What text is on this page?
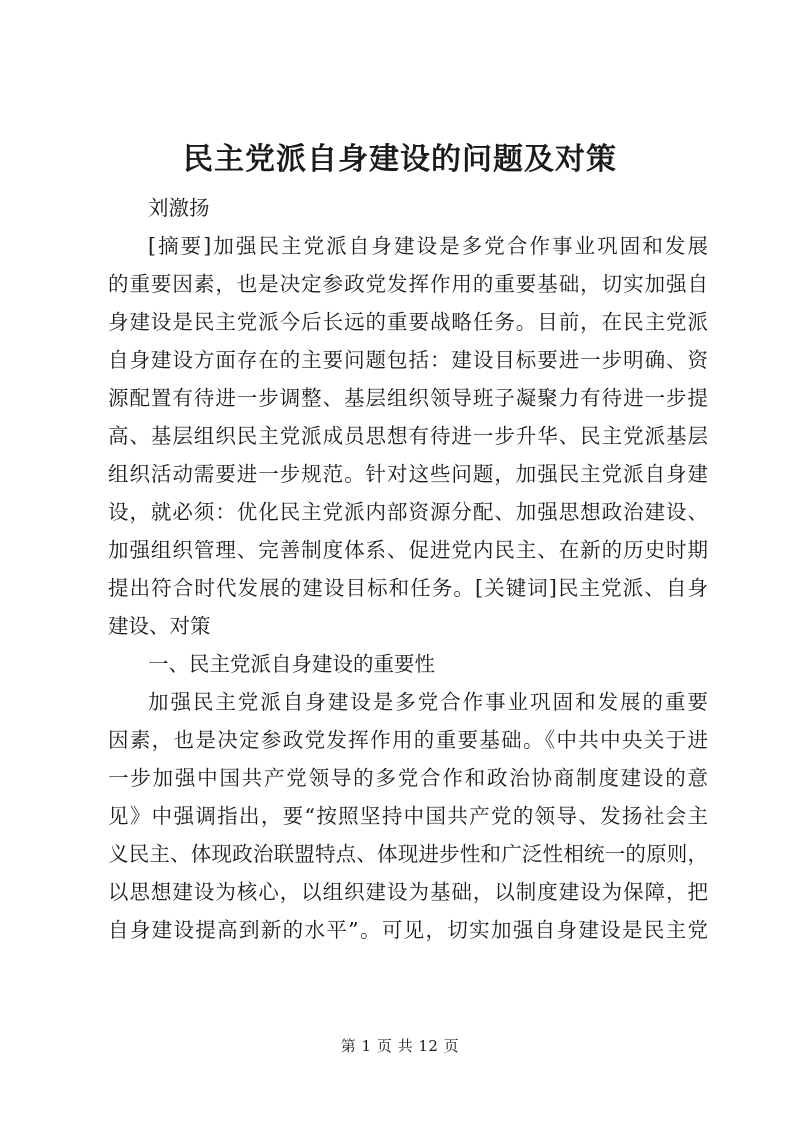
民主党派自身建设的问题及对策
刘激扬
[摘要]加强民主党派自身建设是多党合作事业巩固和发展
的重要因素，也是决定参政党发挥作用的重要基础，切实加强自
身建设是民主党派今后长远的重要战略任务。目前，在民主党派
自身建设方面存在的主要问题包括：建设目标要进一步明确、资
源配置有待进一步调整、基层组织领导班子凝聚力有待进一步提
高、基层组织民主党派成员思想有待进一步升华、民主党派基层
组织活动需要进一步规范。针对这些问题，加强民主党派自身建
设，就必须：优化民主党派内部资源分配、加强思想政治建设、
加强组织管理、完善制度体系、促进党内民主、在新的历史时期
提出符合时代发展的建设目标和任务。[关键词]民主党派、自身
建设、对策
一、民主党派自身建设的重要性
加强民主党派自身建设是多党合作事业巩固和发展的重要
因素，也是决定参政党发挥作用的重要基础。《中共中央关于进
一步加强中国共产党领导的多党合作和政治协商制度建设的意
见》中强调指出，要“按照坚持中国共产党的领导、发扬社会主
义民主、体现政治联盟特点、体现进步性和广泛性相统一的原则，
以思想建设为核心，以组织建设为基础，以制度建设为保障，把
自身建设提高到新的水平”。可见，切实加强自身建设是民主党
第 1 页 共 12 页
